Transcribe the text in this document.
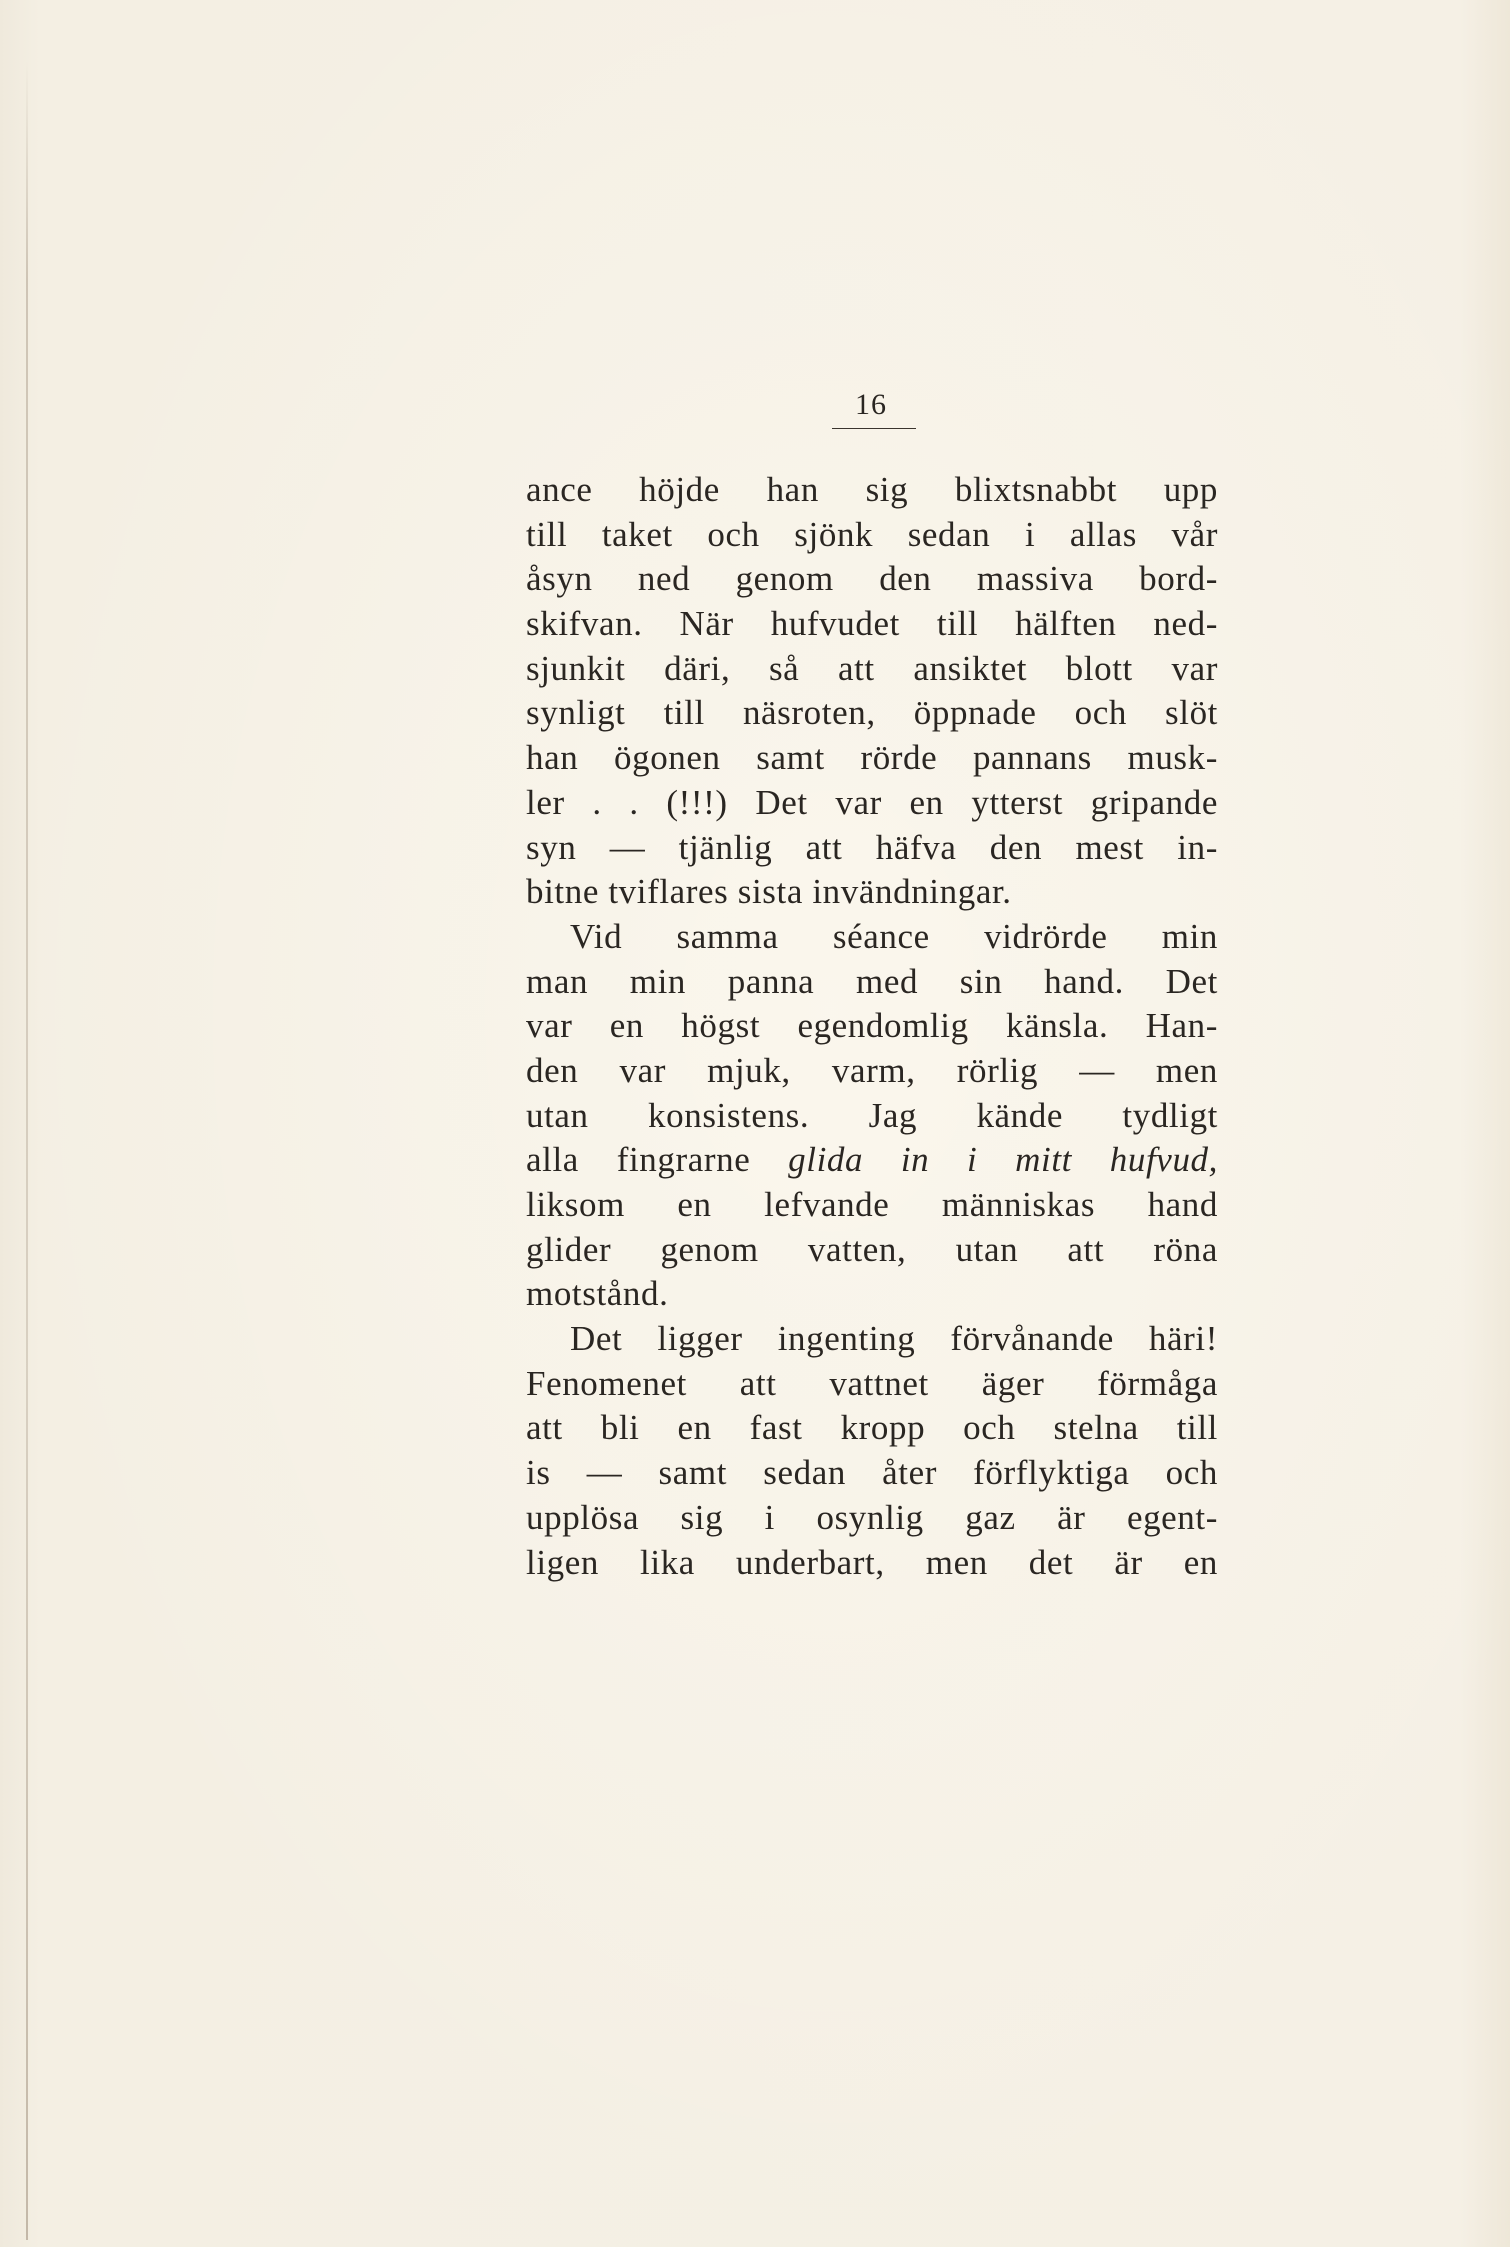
16
ance höjde han sig blixtsnabbt upp
till taket och sjönk sedan i allas vår
åsyn ned genom den massiva bord-
skifvan. När hufvudet till hälften ned-
sjunkit däri, så att ansiktet blott var
synligt till näsroten, öppnade och slöt
han ögonen samt rörde pannans musk-
ler . . (!!!) Det var en ytterst gripande
syn — tjänlig att häfva den mest in-
bitne tviflares sista invändningar.
Vid samma séance vidrörde min
man min panna med sin hand. Det
var en högst egendomlig känsla. Han-
den var mjuk, varm, rörlig — men
utan konsistens. Jag kände tydligt
alla fingrarne glida in i mitt hufvud,
liksom en lefvande människas hand
glider genom vatten, utan att röna
motstånd.
Det ligger ingenting förvånande häri!
Fenomenet att vattnet äger förmåga
att bli en fast kropp och stelna till
is — samt sedan åter förflyktiga och
upplösa sig i osynlig gaz är egent-
ligen lika underbart, men det är en
